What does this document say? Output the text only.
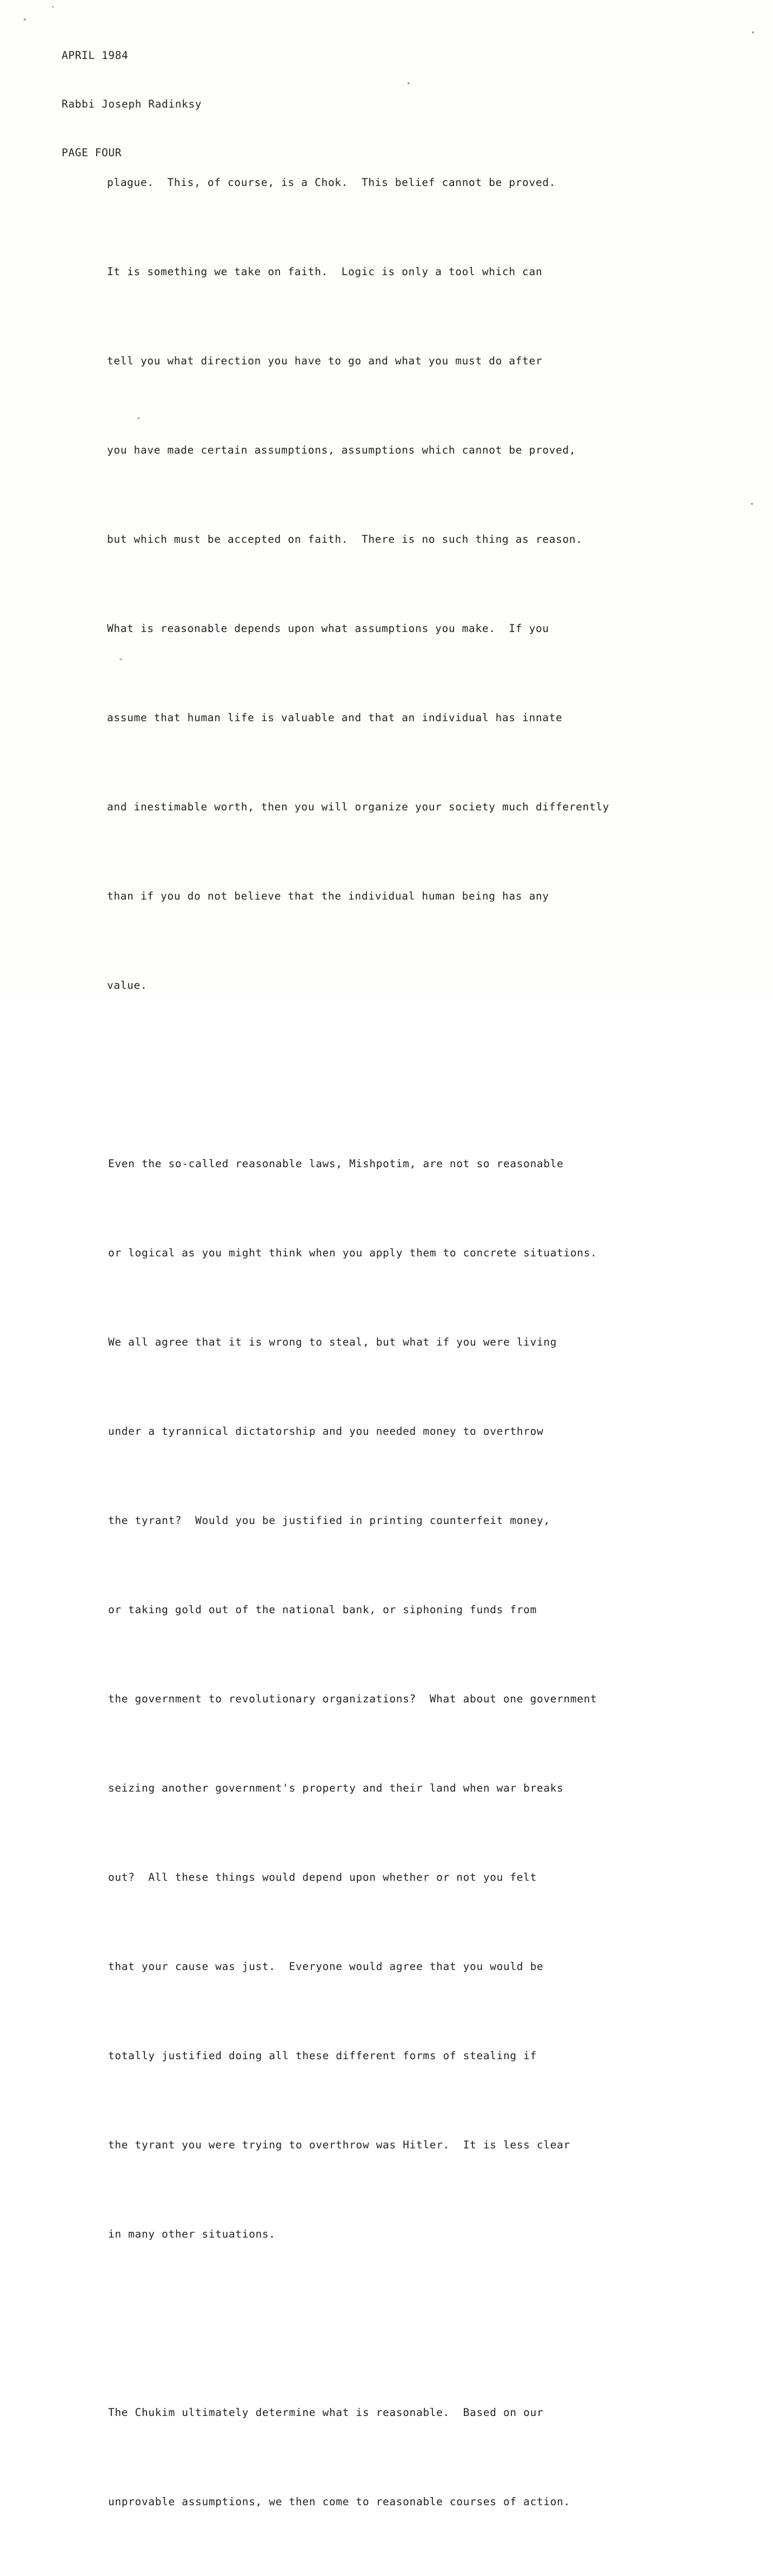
APRIL 1984

Rabbi Joseph Radinksy

PAGE FOUR

plague.  This, of course, is a Chok.  This belief cannot be proved.

It is something we take on faith.  Logic is only a tool which can

tell you what direction you have to go and what you must do after

you have made certain assumptions, assumptions which cannot be proved,

but which must be accepted on faith.  There is no such thing as reason.

What is reasonable depends upon what assumptions you make.  If you

assume that human life is valuable and that an individual has innate

and inestimable worth, then you will organize your society much differently

than if you do not believe that the individual human being has any

value.

Even the so-called reasonable laws, Mishpotim, are not so reasonable

or logical as you might think when you apply them to concrete situations.

We all agree that it is wrong to steal, but what if you were living

under a tyrannical dictatorship and you needed money to overthrow

the tyrant?  Would you be justified in printing counterfeit money,

or taking gold out of the national bank, or siphoning funds from

the government to revolutionary organizations?  What about one government

seizing another government's property and their land when war breaks

out?  All these things would depend upon whether or not you felt

that your cause was just.  Everyone would agree that you would be

totally justified doing all these different forms of stealing if

the tyrant you were trying to overthrow was Hitler.  It is less clear

in many other situations.

The Chukim ultimately determine what is reasonable.  Based on our

unprovable assumptions, we then come to reasonable courses of action.
